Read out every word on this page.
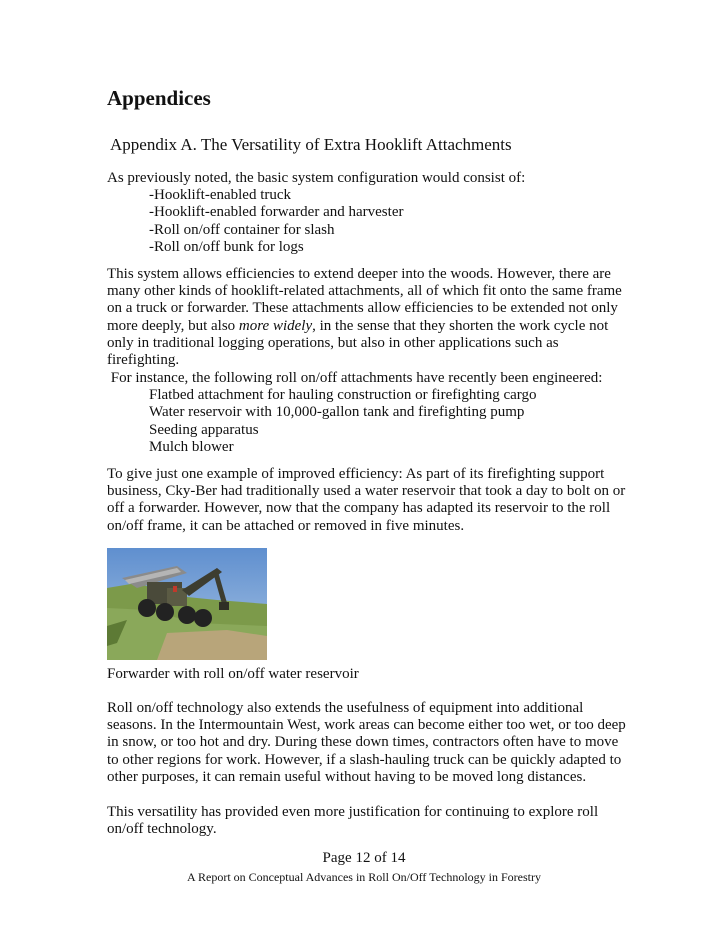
Appendices
Appendix A. The Versatility of Extra Hooklift Attachments
As previously noted, the basic system configuration would consist of:
-Hooklift-enabled truck
-Hooklift-enabled forwarder and harvester
-Roll on/off container for slash
-Roll on/off bunk for logs
This system allows efficiencies to extend deeper into the woods. However, there are many other kinds of hooklift-related attachments, all of which fit onto the same frame on a truck or forwarder. These attachments allow efficiencies to be extended not only more deeply, but also more widely, in the sense that they shorten the work cycle not only in traditional logging operations, but also in other applications such as firefighting.
For instance, the following roll on/off attachments have recently been engineered:
Flatbed attachment for hauling construction or firefighting cargo
Water reservoir with 10,000-gallon tank and firefighting pump
Seeding apparatus
Mulch blower
To give just one example of improved efficiency: As part of its firefighting support business, Cky-Ber had traditionally used a water reservoir that took a day to bolt on or off a forwarder. However, now that the company has adapted its reservoir to the roll on/off frame, it can be attached or removed in five minutes.
Forwarder with roll on/off water reservoir
Roll on/off technology also extends the usefulness of equipment into additional seasons. In the Intermountain West, work areas can become either too wet, or too deep in snow, or too hot and dry. During these down times, contractors often have to move to other regions for work. However, if a slash-hauling truck can be quickly adapted to other purposes, it can remain useful without having to be moved long distances.
This versatility has provided even more justification for continuing to explore roll on/off technology.
Page 12 of 14
A Report on Conceptual Advances in Roll On/Off Technology in Forestry
